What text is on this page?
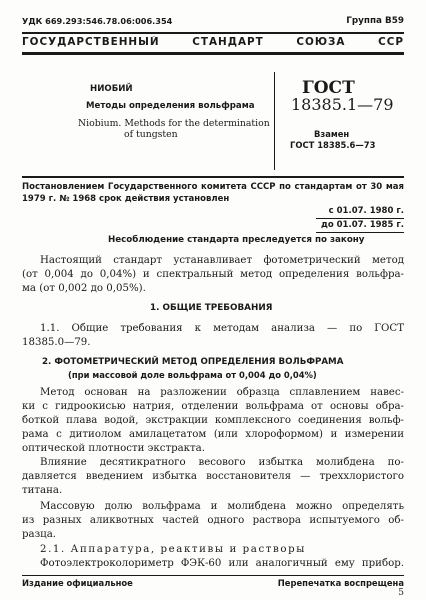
УДК 669.293:546.78.06:006.354	Группа В59
ГОСУДАРСТВЕННЫЙ СТАНДАРТ СОЮЗА ССР
НИОБИЙ
Методы определения вольфрама
Niobium. Methods for the determination
of tungsten
ГОСТ
18385.1—79
Взамен
ГОСТ 18385.6—73
Постановлением Государственного комитета СССР по стандартам от 30 мая
1979 г. № 1968 срок действия установлен
с 01.07. 1980 г.
до 01.07. 1985 г.
Несоблюдение стандарта преследуется по закону
Настоящий стандарт устанавливает фотометрический метод
(от 0,004 до 0,04%) и спектральный метод определения вольфра-
ма (от 0,002 до 0,05%).
1. ОБЩИЕ ТРЕБОВАНИЯ
1.1. Общие требования к методам анализа — по ГОСТ
18385.0—79.
2. ФОТОМЕТРИЧЕСКИЙ МЕТОД ОПРЕДЕЛЕНИЯ ВОЛЬФРАМА
(при массовой доле вольфрама от 0,004 до 0,04%)
Метод основан на разложении образца сплавлением навес-
ки с гидроокисью натрия, отделении вольфрама от основы обра-
боткой плава водой, экстракции комплексного соединения вольф-
рама с дитиолом амилацетатом (или хлороформом) и измерении
оптической плотности экстракта.
Влияние десятикратного весового избытка молибдена по-
давляется введением избытка восстановителя — треххлористого
титана.
Массовую долю вольфрама и молибдена можно определять
из разных аликвотных частей одного раствора испытуемого об-
разца.
2.1. Аппаратура, реактивы и растворы
Фотоэлектроколориметр ФЭК-60 или аналогичный ему прибор.
Издание официальное	Перепечатка воспрещена
5
